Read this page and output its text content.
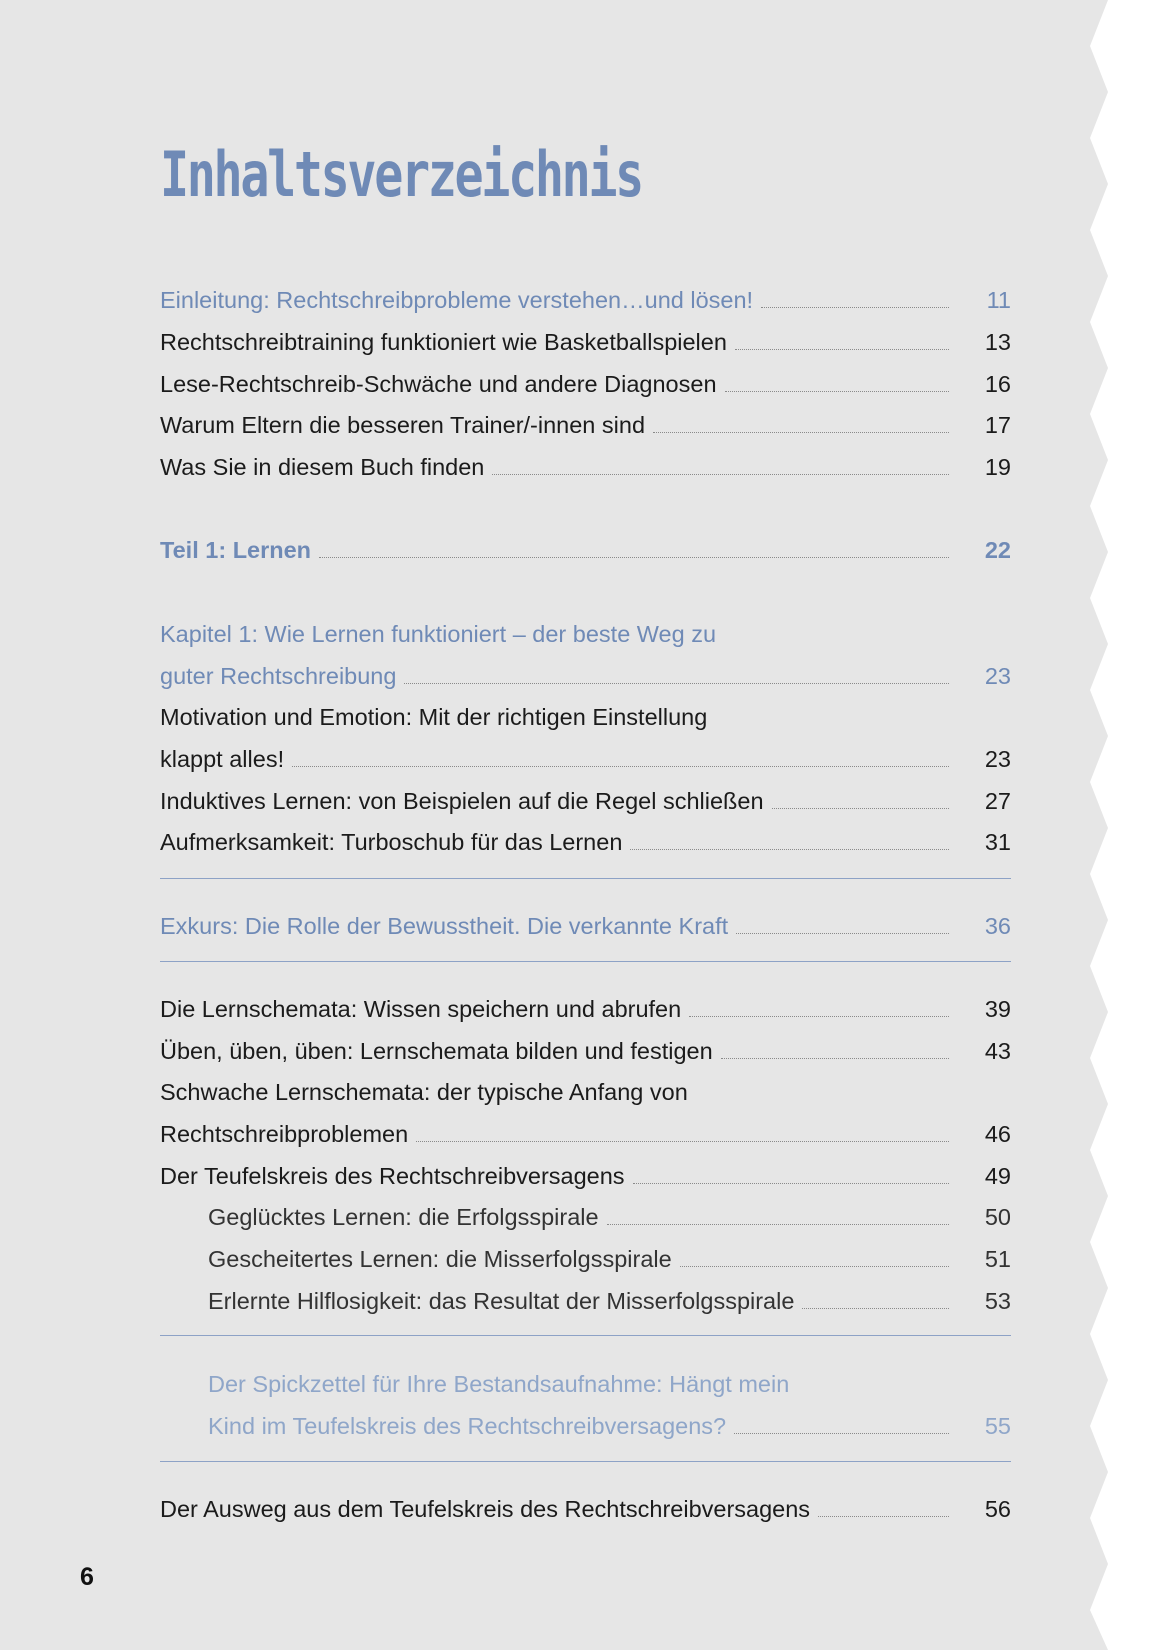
Inhaltsverzeichnis
Einleitung: Rechtschreibprobleme verstehen…und lösen!	11
Rechtschreibtraining funktioniert wie Basketballspielen	13
Lese-Rechtschreib-Schwäche und andere Diagnosen	16
Warum Eltern die besseren Trainer/-innen sind	17
Was Sie in diesem Buch finden	19
Teil 1: Lernen	22
Kapitel 1: Wie Lernen funktioniert – der beste Weg zu
guter Rechtschreibung	23
Motivation und Emotion: Mit der richtigen Einstellung
klappt alles!	23
Induktives Lernen: von Beispielen auf die Regel schließen	27
Aufmerksamkeit: Turboschub für das Lernen	31
Exkurs: Die Rolle der Bewusstheit. Die verkannte Kraft	36
Die Lernschemata: Wissen speichern und abrufen	39
Üben, üben, üben: Lernschemata bilden und festigen	43
Schwache Lernschemata: der typische Anfang von
Rechtschreibproblemen	46
Der Teufelskreis des Rechtschreibversagens	49
Geglücktes Lernen: die Erfolgsspirale	50
Gescheitertes Lernen: die Misserfolgsspirale	51
Erlernte Hilflosigkeit: das Resultat der Misserfolgsspirale	53
Der Spickzettel für Ihre Bestandsaufnahme: Hängt mein
Kind im Teufelskreis des Rechtschreibversagens?	55
Der Ausweg aus dem Teufelskreis des Rechtschreibversagens	56
6
